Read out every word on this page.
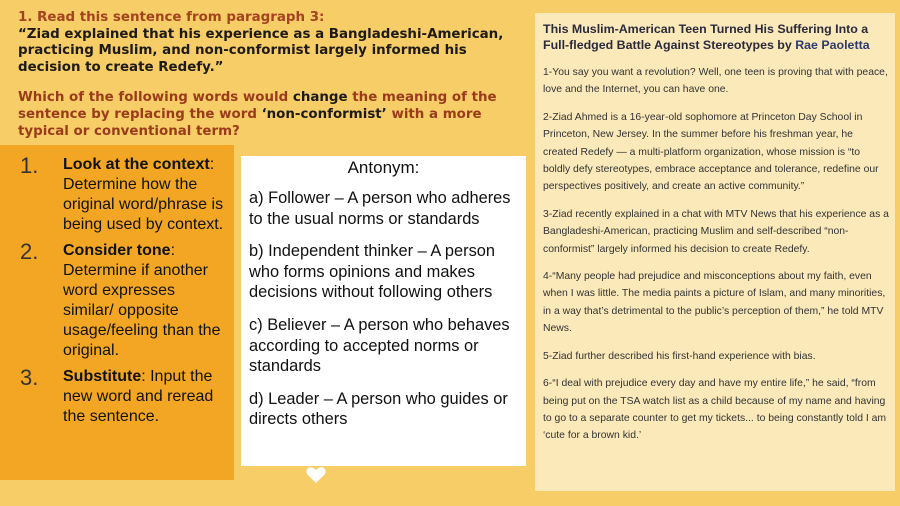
1. Read this sentence from paragraph 3:
“Ziad explained that his experience as a Bangladeshi-American, practicing Muslim, and non-conformist largely informed his decision to create Redefy.”
Which of the following words would change the meaning of the sentence by replacing the word ‘non-conformist’ with a more typical or conventional term?
1.	Look at the context: Determine how the original word/phrase is being used by context.
2.	Consider tone: Determine if another word expresses similar/ opposite usage/feeling than the original.
3.	Substitute: Input the new word and reread the sentence.
Antonym:
a) Follower – A person who adheres to the usual norms or standards
b) Independent thinker – A person who forms opinions and makes decisions without following others
c) Believer – A person who behaves according to accepted norms or standards
d) Leader – A person who guides or directs others
This Muslim-American Teen Turned His Suffering Into a Full-fledged Battle Against Stereotypes by Rae Paoletta

1-You say you want a revolution? Well, one teen is proving that with peace, love and the Internet, you can have one.

2-Ziad Ahmed is a 16-year-old sophomore at Princeton Day School in Princeton, New Jersey. In the summer before his freshman year, he created Redefy — a multi-platform organization, whose mission is “to boldly defy stereotypes, embrace acceptance and tolerance, redefine our perspectives positively, and create an active community.”

3-Ziad recently explained in a chat with MTV News that his experience as a Bangladeshi-American, practicing Muslim and self-described “non-conformist” largely informed his decision to create Redefy.

4-“Many people had prejudice and misconceptions about my faith, even when I was little. The media paints a picture of Islam, and many minorities, in a way that’s detrimental to the public’s perception of them,” he told MTV News.

5-Ziad further described his first-hand experience with bias.

6-“I deal with prejudice every day and have my entire life,” he said, “from being put on the TSA watch list as a child because of my name and having to go to a separate counter to get my tickets... to being constantly told I am ‘cute for a brown kid.’
